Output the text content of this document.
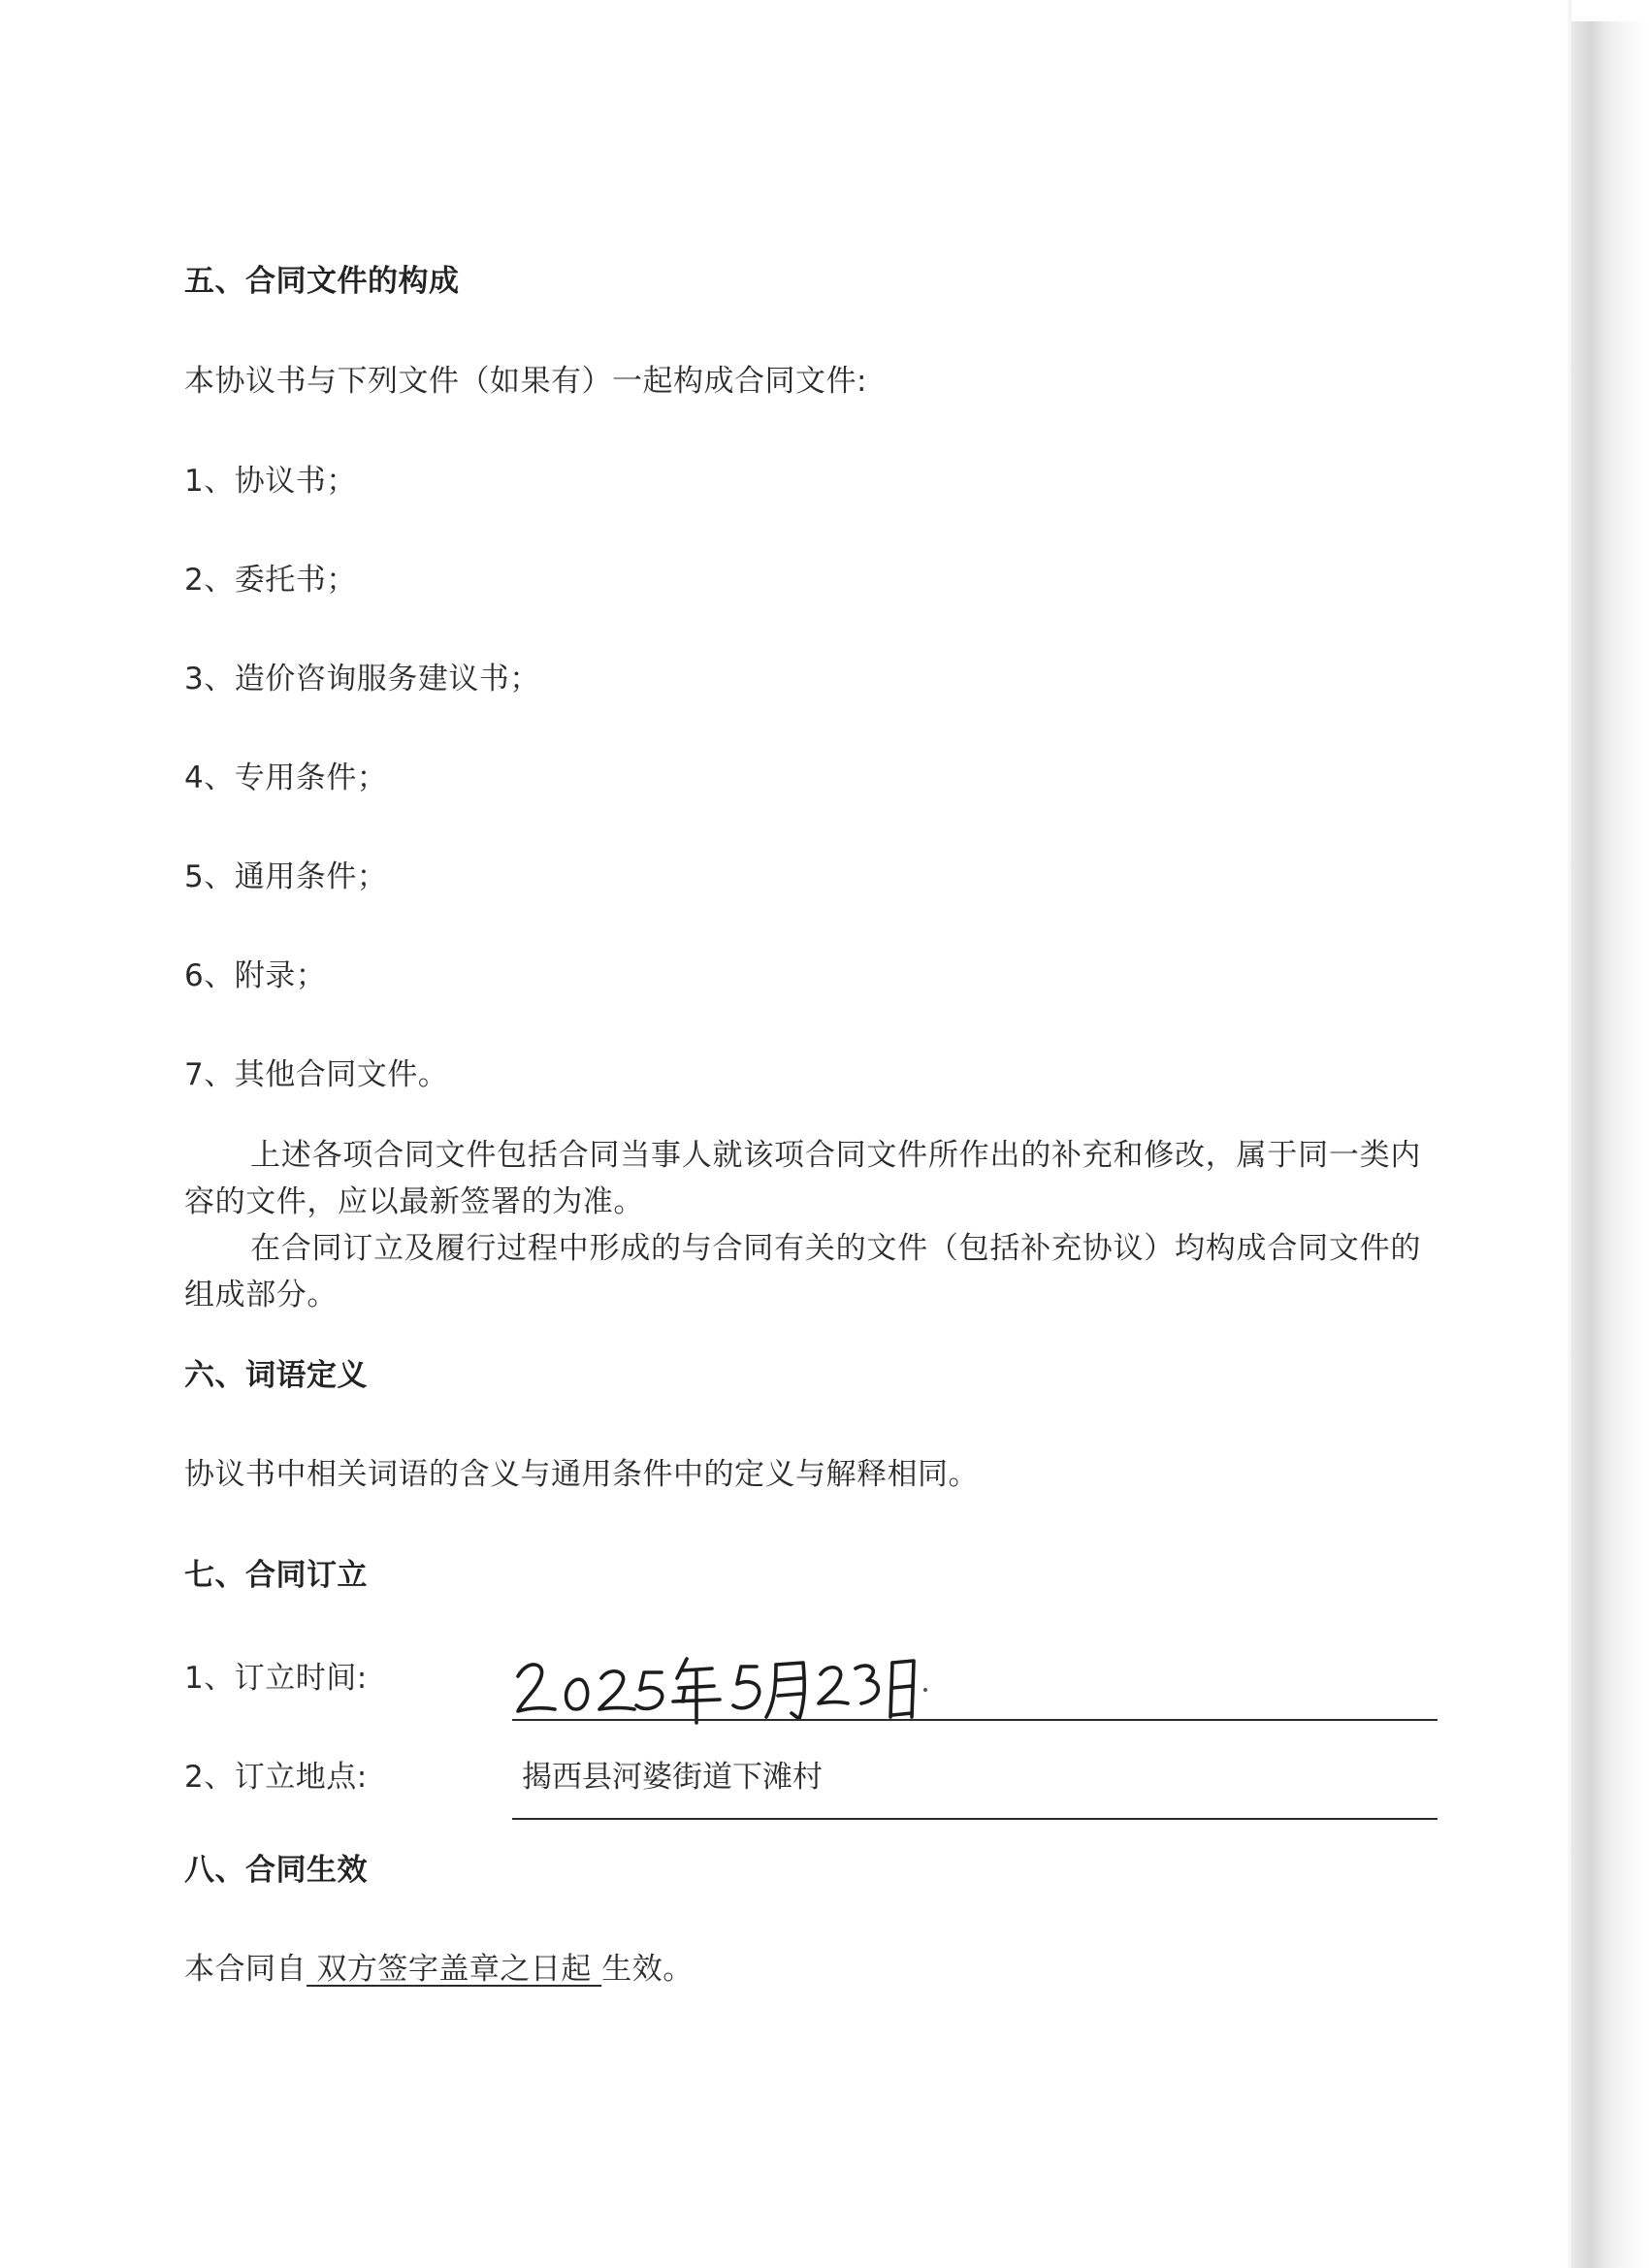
五、合同文件的构成
本协议书与下列文件（如果有）一起构成合同文件:
1、协议书；
2、委托书；
3、造价咨询服务建议书；
4、专用条件；
5、通用条件；
6、附录；
7、其他合同文件。
上述各项合同文件包括合同当事人就该项合同文件所作出的补充和修改，属于同一类内容的文件，应以最新签署的为准。
在合同订立及履行过程中形成的与合同有关的文件（包括补充协议）均构成合同文件的组成部分。
六、词语定义
协议书中相关词语的含义与通用条件中的定义与解释相同。
七、合同订立
1、订立时间:
2、订立地点:	揭西县河婆街道下滩村
八、合同生效
本合同自 双方签字盖章之日起 生效。
